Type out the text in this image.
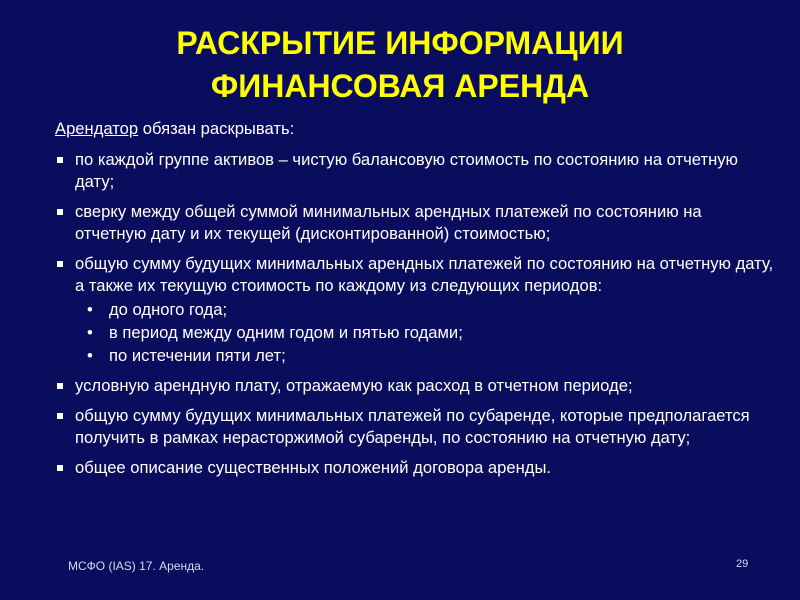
РАСКРЫТИЕ ИНФОРМАЦИИ
ФИНАНСОВАЯ АРЕНДА
Арендатор обязан раскрывать:
по каждой группе активов – чистую балансовую стоимость по состоянию на отчетную дату;
сверку между общей суммой минимальных арендных платежей по состоянию на отчетную дату и их текущей (дисконтированной) стоимостью;
общую сумму будущих минимальных арендных платежей по состоянию на отчетную дату, а также их текущую стоимость по каждому из следующих периодов:
• до одного года;
• в период между одним годом и пятью годами;
• по истечении пяти лет;
условную арендную плату, отражаемую как расход в отчетном периоде;
общую сумму будущих минимальных платежей по субаренде, которые предполагается получить в рамках нерасторжимой субаренды, по состоянию на отчетную дату;
общее описание существенных положений договора аренды.
МСФО (IAS) 17. Аренда.	29
